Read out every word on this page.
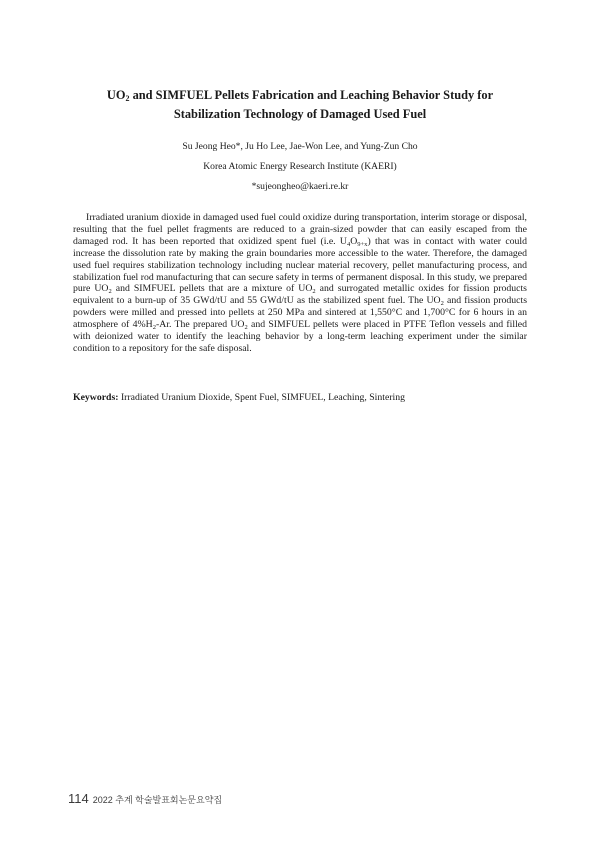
$UO_2$ and SIMFUEL Pellets Fabrication and Leaching Behavior Study for
Stabilization Technology of Damaged Used Fuel

Su Jeong Heo*, Ju Ho Lee, Jae-Won Lee, and Yung-Zun Cho

Korea Atomic Energy Research Institute (KAERI)

*sujeongheo@kaeri.re.kr

Irradiated uranium dioxide in damaged used fuel could oxidize during transportation, interim storage or disposal, resulting that the fuel pellet fragments are reduced to a grain-sized powder that can easily escaped from the damaged rod. It has been reported that oxidized spent fuel (i.e. $U_4O_{9+x}$) that was in contact with water could increase the dissolution rate by making the grain boundaries more accessible to the water. Therefore, the damaged used fuel requires stabilization technology including nuclear material recovery, pellet manufacturing process, and stabilization fuel rod manufacturing that can secure safety in terms of permanent disposal. In this study, we prepared pure $UO_2$ and SIMFUEL pellets that are a mixture of $UO_2$ and surrogated metallic oxides for fission products equivalent to a burn-up of 35 GWd/tU and 55 GWd/tU as the stabilized spent fuel. The $UO_2$ and fission products powders were milled and pressed into pellets at 250 MPa and sintered at 1,550°C and 1,700°C for 6 hours in an atmosphere of $4\%H_2-Ar$. The prepared $UO_2$ and SIMFUEL pellets were placed in PTFE Teflon vessels and filled with deionized water to identify the leaching behavior by a long-term leaching experiment under the similar condition to a repository for the safe disposal.

Keywords: Irradiated Uranium Dioxide, Spent Fuel, SIMFUEL, Leaching, Sintering

114 2022 추계 학술발표회논문요약집
